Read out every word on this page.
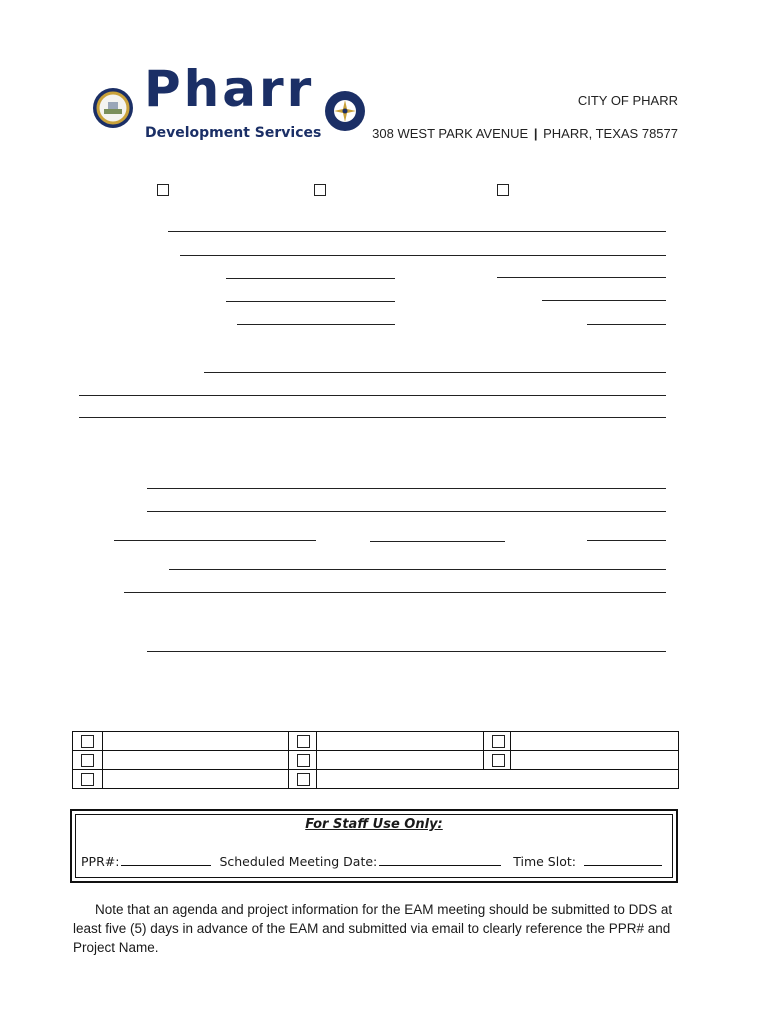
Pharr
Development Services
CITY OF PHARR
308 WEST PARK AVENUE | PHARR, TEXAS 78577

For Staff Use Only:
PPR#:	Scheduled Meeting Date:	Time Slot:
Note that an agenda and project information for the EAM meeting should be submitted to DDS at least five (5) days in advance of the EAM and submitted via email to clearly reference the PPR# and Project Name.
